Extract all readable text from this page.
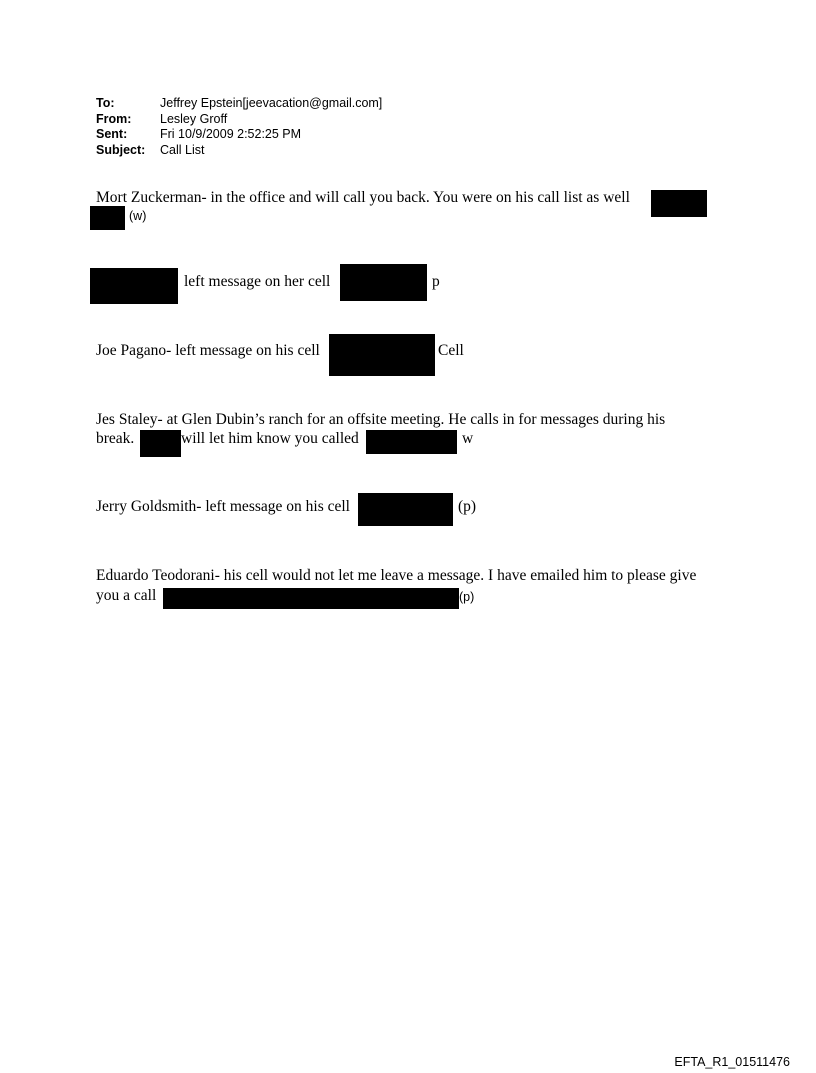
To:	Jeffrey Epstein[jeevacation@gmail.com]
From:	Lesley Groff
Sent:	Fri 10/9/2009 2:52:25 PM
Subject:	Call List
Mort Zuckerman- in the office and will call you back. You were on his call list as well
(w)
left message on her cell	p
Joe Pagano- left message on his cell	Cell
Jes Staley- at Glen Dubin’s ranch for an offsite meeting. He calls in for messages during his
break.	will let him know you called	w
Jerry Goldsmith- left message on his cell	(p)
Eduardo Teodorani- his cell would not let me leave a message. I have emailed him to please give
you a call	(p)
EFTA_R1_01511476
